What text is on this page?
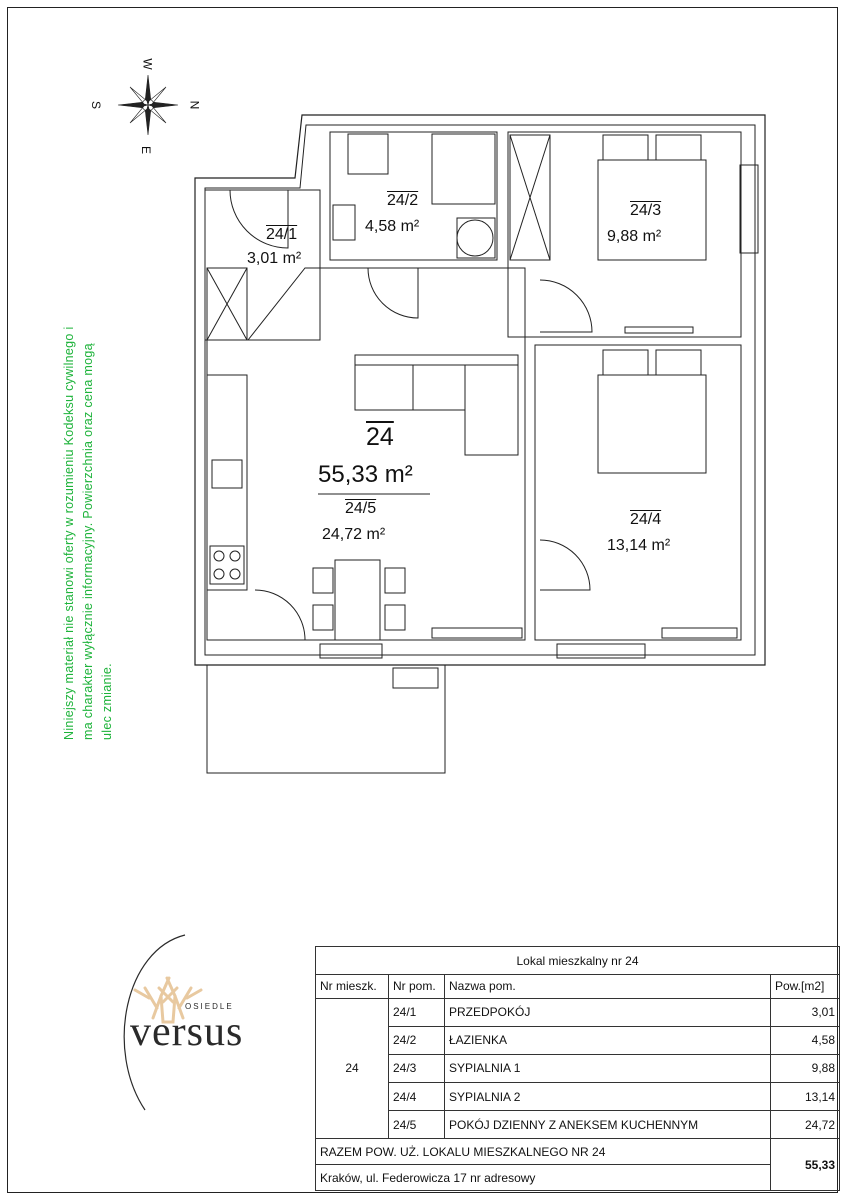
W
S	N
E
24/1
3,01 m²
24/2
4,58 m²
24/3
9,88 m²
24/4
13,14 m²
24
55,33 m²
24/5
24,72 m²
Niniejszy materiał nie stanowi oferty w rozumieniu Kodeksu cywilnego i ma charakter wyłącznie informacyjny. Powierzchnia oraz cena mogą ulec zmianie.
OSIEDLE
versus
Lokal mieszkalny nr 24			
Nr mieszk.	Nr pom.	Nazwa pom.	Pow.[m2]
24	24/1	PRZEDPOKÓJ	3,01
	24/2	ŁAZIENKA	4,58
	24/3	SYPIALNIA 1	9,88
	24/4	SYPIALNIA 2	13,14
	24/5	POKÓJ DZIENNY Z ANEKSEM KUCHENNYM	24,72
RAZEM POW. UŻ. LOKALU MIESZKALNEGO NR 24			55,33
Kraków, ul. Federowicza 17 nr adresowy			
